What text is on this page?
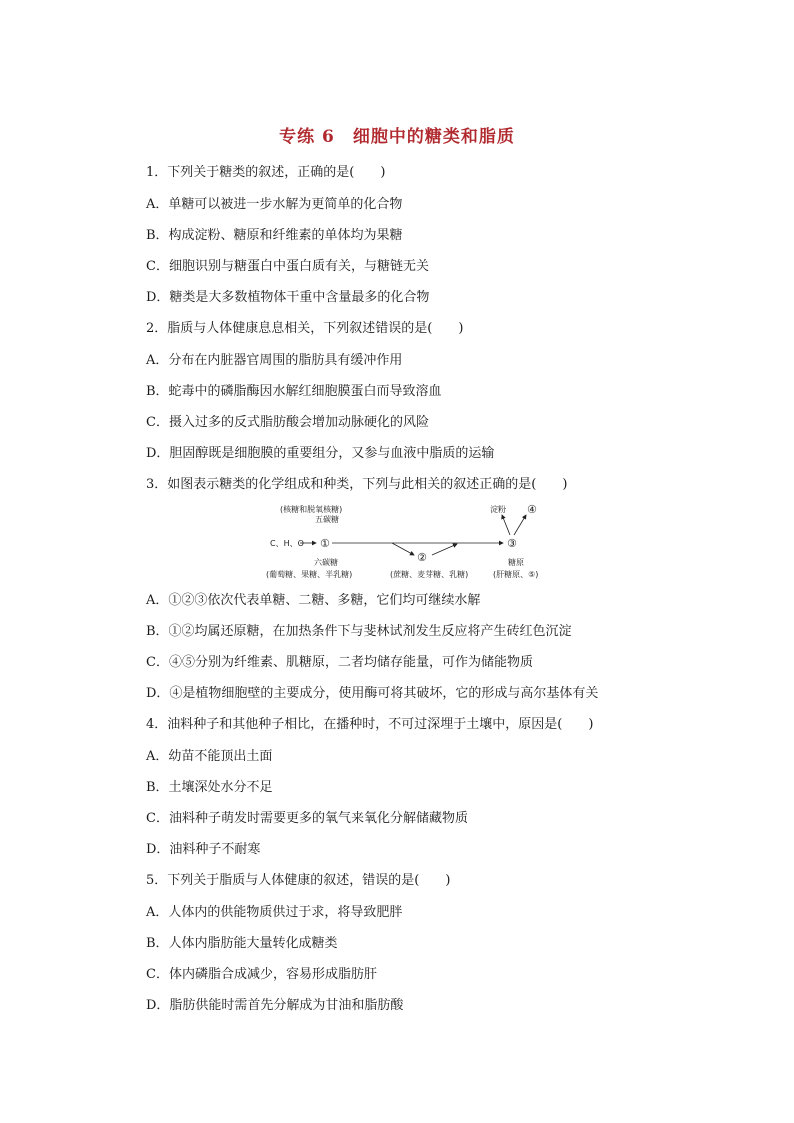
专练 6　细胞中的糖类和脂质
1．下列关于糖类的叙述，正确的是(　　)
A．单糖可以被进一步水解为更简单的化合物
B．构成淀粉、糖原和纤维素的单体均为果糖
C．细胞识别与糖蛋白中蛋白质有关，与糖链无关
D．糖类是大多数植物体干重中含量最多的化合物
2．脂质与人体健康息息相关，下列叙述错误的是(　　)
A．分布在内脏器官周围的脂肪具有缓冲作用
B．蛇毒中的磷脂酶因水解红细胞膜蛋白而导致溶血
C．摄入过多的反式脂肪酸会增加动脉硬化的风险
D．胆固醇既是细胞膜的重要组分，又参与血液中脂质的运输
3．如图表示糖类的化学组成和种类，下列与此相关的叙述正确的是(　　)
(核糖和脱氧核糖)
五碳糖
C、H、O ①
六碳糖
(葡萄糖、果糖、半乳糖)
②
(蔗糖、麦芽糖、乳糖)
淀粉 ④
③
糖原
(肝糖原、⑤)
A．①②③依次代表单糖、二糖、多糖，它们均可继续水解
B．①②均属还原糖，在加热条件下与斐林试剂发生反应将产生砖红色沉淀
C．④⑤分别为纤维素、肌糖原，二者均储存能量，可作为储能物质
D．④是植物细胞壁的主要成分，使用酶可将其破坏，它的形成与高尔基体有关
4．油料种子和其他种子相比，在播种时，不可过深埋于土壤中，原因是(　　)
A．幼苗不能顶出土面
B．土壤深处水分不足
C．油料种子萌发时需要更多的氧气来氧化分解储藏物质
D．油料种子不耐寒
5．下列关于脂质与人体健康的叙述，错误的是(　　)
A．人体内的供能物质供过于求，将导致肥胖
B．人体内脂肪能大量转化成糖类
C．体内磷脂合成减少，容易形成脂肪肝
D．脂肪供能时需首先分解成为甘油和脂肪酸
